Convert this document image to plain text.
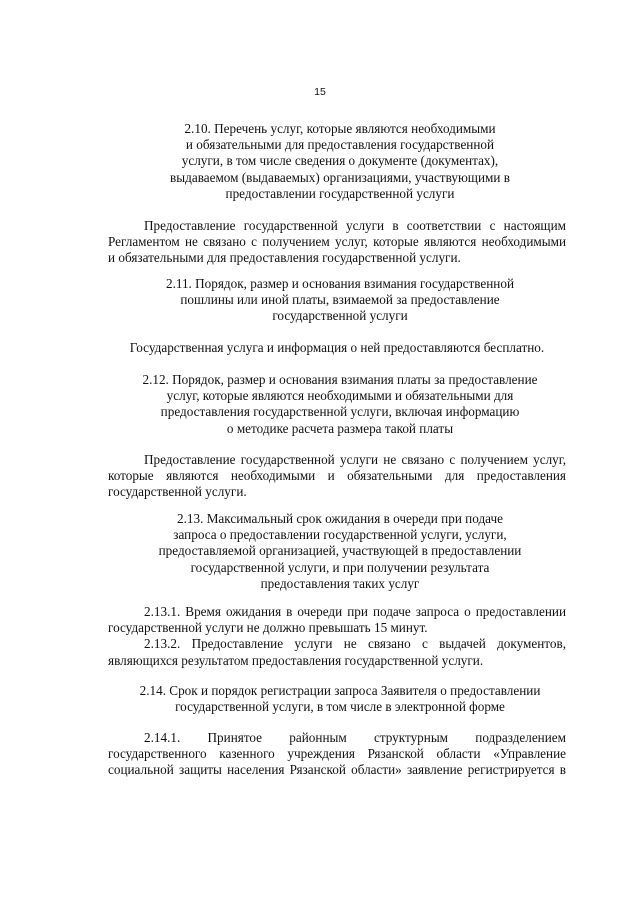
15
2.10. Перечень услуг, которые являются необходимыми
и обязательными для предоставления государственной
услуги, в том числе сведения о документе (документах),
выдаваемом (выдаваемых) организациями, участвующими в
предоставлении государственной услуги
Предоставление государственной услуги в соответствии с настоящим
Регламентом не связано с получением услуг, которые являются необходимыми
и обязательными для предоставления государственной услуги.
2.11. Порядок, размер и основания взимания государственной
пошлины или иной платы, взимаемой за предоставление
государственной услуги
Государственная услуга и информация о ней предоставляются бесплатно.
2.12. Порядок, размер и основания взимания платы за предоставление
услуг, которые являются необходимыми и обязательными для
предоставления государственной услуги, включая информацию
о методике расчета размера такой платы
Предоставление государственной услуги не связано с получением услуг,
которые являются необходимыми и обязательными для предоставления
государственной услуги.
2.13. Максимальный срок ожидания в очереди при подаче
запроса о предоставлении государственной услуги, услуги,
предоставляемой организацией, участвующей в предоставлении
государственной услуги, и при получении результата
предоставления таких услуг
2.13.1. Время ожидания в очереди при подаче запроса о предоставлении
государственной услуги не должно превышать 15 минут.
2.13.2. Предоставление услуги не связано с выдачей документов,
являющихся результатом предоставления государственной услуги.
2.14. Срок и порядок регистрации запроса Заявителя о предоставлении
государственной услуги, в том числе в электронной форме
2.14.1. Принятое районным структурным подразделением
государственного казенного учреждения Рязанской области «Управление
социальной защиты населения Рязанской области» заявление регистрируется в
